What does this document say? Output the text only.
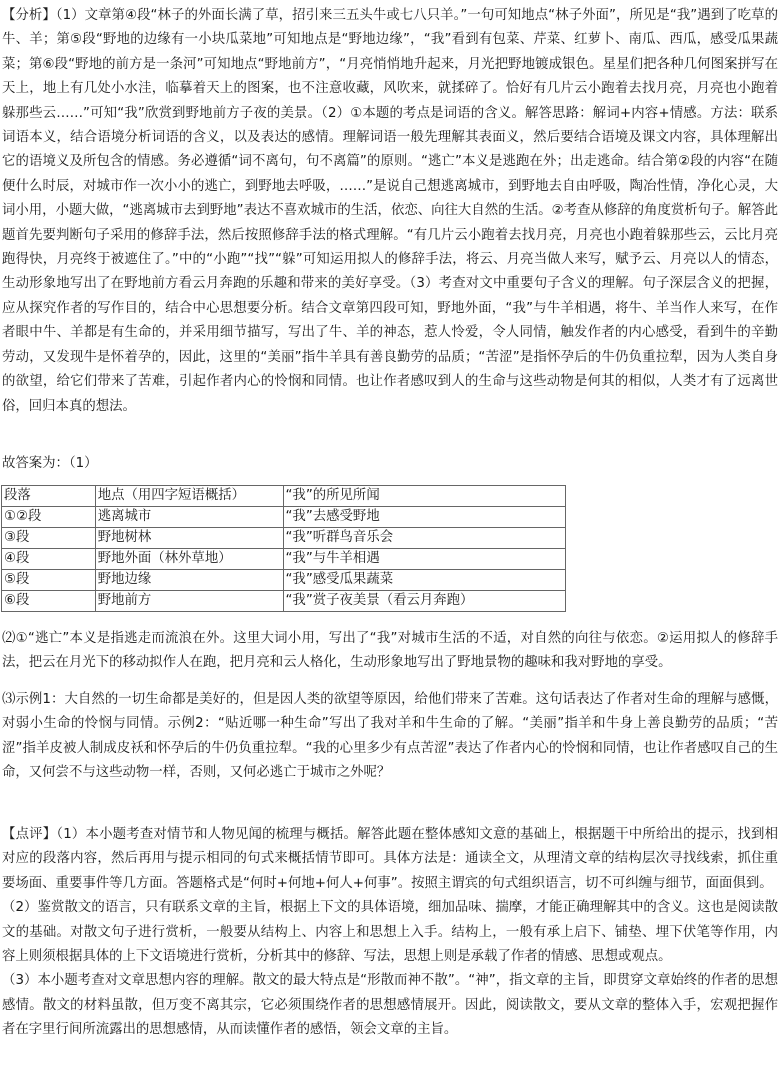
【分析】（1）文章第④段“林子的外面长满了草，招引来三五头牛或七八只羊。”一句可知地点“林子外面”，所见是“我”遇到了吃草的牛、羊；第⑤段“野地的边缘有一小块瓜菜地”可知地点是“野地边缘”，“我”看到有包菜、芹菜、红萝卜、南瓜、西瓜，感受瓜果蔬菜；第⑥段“野地的前方是一条河”可知地点“野地前方”，“月亮悄悄地升起来，月光把野地镀成银色。星星们把各种几何图案拼写在天上，地上有几处小水洼，临摹着天上的图案，也不注意收藏，风吹来，就揉碎了。恰好有几片云小跑着去找月亮，月亮也小跑着躲那些云……”可知“我”欣赏到野地前方子夜的美景。（2）①本题的考点是词语的含义。解答思路：解词+内容+情感。方法：联系词语本义，结合语境分析词语的含义，以及表达的感情。理解词语一般先理解其表面义，然后要结合语境及课文内容，具体理解出它的语境义及所包含的情感。务必遵循“词不离句，句不离篇”的原则。“逃亡”本义是逃跑在外；出走逃命。结合第②段的内容“在随便什么时辰，对城市作一次小小的逃亡，到野地去呼吸，……”是说自己想逃离城市，到野地去自由呼吸，陶冶性情，净化心灵，大词小用，小题大做，“逃离城市去到野地”表达不喜欢城市的生活，依恋、向往大自然的生活。②考查从修辞的角度赏析句子。解答此题首先要判断句子采用的修辞手法，然后按照修辞手法的格式理解。“有几片云小跑着去找月亮，月亮也小跑着躲那些云，云比月亮跑得快，月亮终于被遮住了。”中的“小跑”“找”“躲”可知运用拟人的修辞手法，将云、月亮当做人来写，赋予云、月亮以人的情态，生动形象地写出了在野地前方看云月奔跑的乐趣和带来的美好享受。（3）考查对文中重要句子含义的理解。句子深层含义的把握，应从探究作者的写作目的，结合中心思想要分析。结合文章第四段可知，野地外面，“我”与牛羊相遇，将牛、羊当作人来写，在作者眼中牛、羊都是有生命的，并采用细节描写，写出了牛、羊的神态，惹人怜爱，令人同情，触发作者的内心感受，看到牛的辛勤劳动，又发现牛是怀着孕的，因此，这里的“美丽”指牛羊具有善良勤劳的品质；“苦涩”是指怀孕后的牛仍负重拉犁，因为人类自身的欲望，给它们带来了苦难，引起作者内心的怜悯和同情。也让作者感叹到人的生命与这些动物是何其的相似，人类才有了远离世俗，回归本真的想法。

故答案为：（1）

段落	地点（用四字短语概括）	“我”的所见所闻
①②段	逃离城市	“我”去感受野地
③段	野地树林	“我”听群鸟音乐会
④段	野地外面（林外草地）	“我”与牛羊相遇
⑤段	野地边缘	“我”感受瓜果蔬菜
⑥段	野地前方	“我”赏子夜美景（看云月奔跑）

⑵①“逃亡”本义是指逃走而流浪在外。这里大词小用，写出了“我”对城市生活的不适，对自然的向往与依恋。②运用拟人的修辞手法，把云在月光下的移动拟作人在跑，把月亮和云人格化，生动形象地写出了野地景物的趣味和我对野地的享受。

⑶示例1：大自然的一切生命都是美好的，但是因人类的欲望等原因，给他们带来了苦难。这句话表达了作者对生命的理解与感慨，对弱小生命的怜悯与同情。示例2：“贴近哪一种生命”写出了我对羊和牛生命的了解。“美丽”指羊和牛身上善良勤劳的品质；“苦涩”指羊皮被人制成皮袄和怀孕后的牛仍负重拉犁。“我的心里多少有点苦涩”表达了作者内心的怜悯和同情，也让作者感叹自己的生命，又何尝不与这些动物一样，否则，又何必逃亡于城市之外呢？

【点评】（1）本小题考查对情节和人物见闻的梳理与概括。解答此题在整体感知文意的基础上，根据题干中所给出的提示，找到相对应的段落内容，然后再用与提示相同的句式来概括情节即可。具体方法是：通读全文，从理清文章的结构层次寻找线索，抓住重要场面、重要事件等几方面。答题格式是“何时+何地+何人+何事”。按照主谓宾的句式组织语言，切不可纠缠与细节，面面俱到。

（2）鉴赏散文的语言，只有联系文章的主旨，根据上下文的具体语境，细加品味、揣摩，才能正确理解其中的含义。这也是阅读散文的基础。对散文句子进行赏析，一般要从结构上、内容上和思想上入手。结构上，一般有承上启下、铺垫、埋下伏笔等作用，内容上则须根据具体的上下文语境进行赏析，分析其中的修辞、写法，思想上则是承载了作者的情感、思想或观点。

（3）本小题考查对文章思想内容的理解。散文的最大特点是“形散而神不散”。“神”，指文章的主旨，即贯穿文章始终的作者的思想感情。散文的材料虽散，但万变不离其宗，它必须围绕作者的思想感情展开。因此，阅读散文，要从文章的整体入手，宏观把握作者在字里行间所流露出的思想感情，从而读懂作者的感悟，领会文章的主旨。
